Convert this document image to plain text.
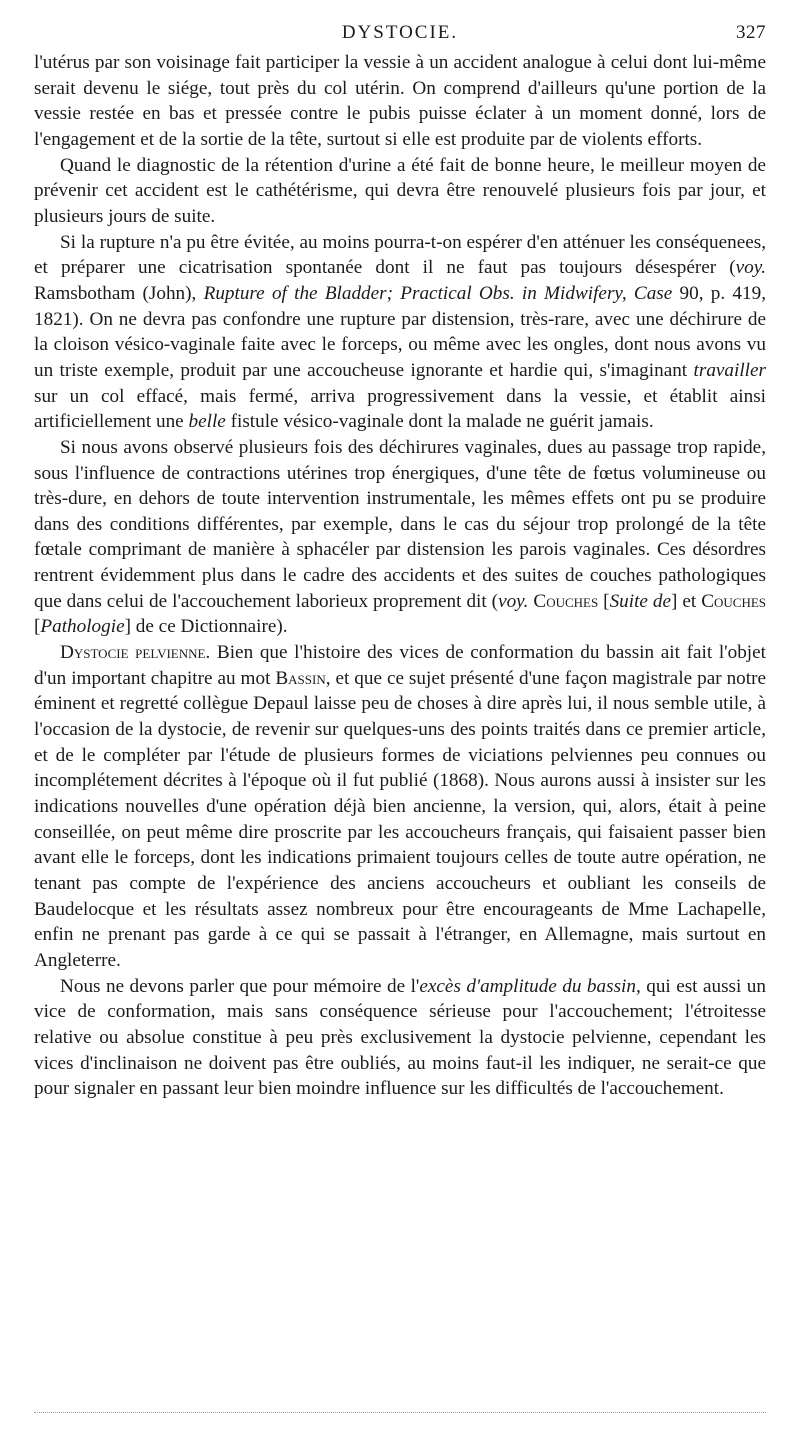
DYSTOCIE.	327

l'utérus par son voisinage fait participer la vessie à un accident analogue à celui dont lui-même serait devenu le siége, tout près du col utérin. On comprend d'ailleurs qu'une portion de la vessie restée en bas et pressée contre le pubis puisse éclater à un moment donné, lors de l'engagement et de la sortie de la tête, surtout si elle est produite par de violents efforts.

Quand le diagnostic de la rétention d'urine a été fait de bonne heure, le meilleur moyen de prévenir cet accident est le cathétérisme, qui devra être renouvelé plusieurs fois par jour, et plusieurs jours de suite.

Si la rupture n'a pu être évitée, au moins pourra-t-on espérer d'en atténuer les conséquenees, et préparer une cicatrisation spontanée dont il ne faut pas toujours désespérer (voy. Ramsbotham (John), Rupture of the Bladder; Practical Obs. in Midwifery, Case 90, p. 419, 1821). On ne devra pas confondre une rupture par distension, très-rare, avec une déchirure de la cloison vésico-vaginale faite avec le forceps, ou même avec les ongles, dont nous avons vu un triste exemple, produit par une accoucheuse ignorante et hardie qui, s'imaginant travailler sur un col effacé, mais fermé, arriva progressivement dans la vessie, et établit ainsi artificiellement une belle fistule vésico-vaginale dont la malade ne guérit jamais.

Si nous avons observé plusieurs fois des déchirures vaginales, dues au passage trop rapide, sous l'influence de contractions utérines trop énergiques, d'une tête de fœtus volumineuse ou très-dure, en dehors de toute intervention instrumentale, les mêmes effets ont pu se produire dans des conditions différentes, par exemple, dans le cas du séjour trop prolongé de la tête fœtale comprimant de manière à sphacéler par distension les parois vaginales. Ces désordres rentrent évidemment plus dans le cadre des accidents et des suites de couches pathologiques que dans celui de l'accouchement laborieux proprement dit (voy. Couches [Suite de] et Couches [Pathologie] de ce Dictionnaire).

Dystocie pelvienne. Bien que l'histoire des vices de conformation du bassin ait fait l'objet d'un important chapitre au mot Bassin, et que ce sujet présenté d'une façon magistrale par notre éminent et regretté collègue Depaul laisse peu de choses à dire après lui, il nous semble utile, à l'occasion de la dystocie, de revenir sur quelques-uns des points traités dans ce premier article, et de le compléter par l'étude de plusieurs formes de viciations pelviennes peu connues ou incomplétement décrites à l'époque où il fut publié (1868). Nous aurons aussi à insister sur les indications nouvelles d'une opération déjà bien ancienne, la version, qui, alors, était à peine conseillée, on peut même dire proscrite par les accoucheurs français, qui faisaient passer bien avant elle le forceps, dont les indications primaient toujours celles de toute autre opération, ne tenant pas compte de l'expérience des anciens accoucheurs et oubliant les conseils de Baudelocque et les résultats assez nombreux pour être encourageants de Mme Lachapelle, enfin ne prenant pas garde à ce qui se passait à l'étranger, en Allemagne, mais surtout en Angleterre.

Nous ne devons parler que pour mémoire de l'excès d'amplitude du bassin, qui est aussi un vice de conformation, mais sans conséquence sérieuse pour l'accouchement; l'étroitesse relative ou absolue constitue à peu près exclusivement la dystocie pelvienne, cependant les vices d'inclinaison ne doivent pas être oubliés, au moins faut-il les indiquer, ne serait-ce que pour signaler en passant leur bien moindre influence sur les difficultés de l'accouchement.
